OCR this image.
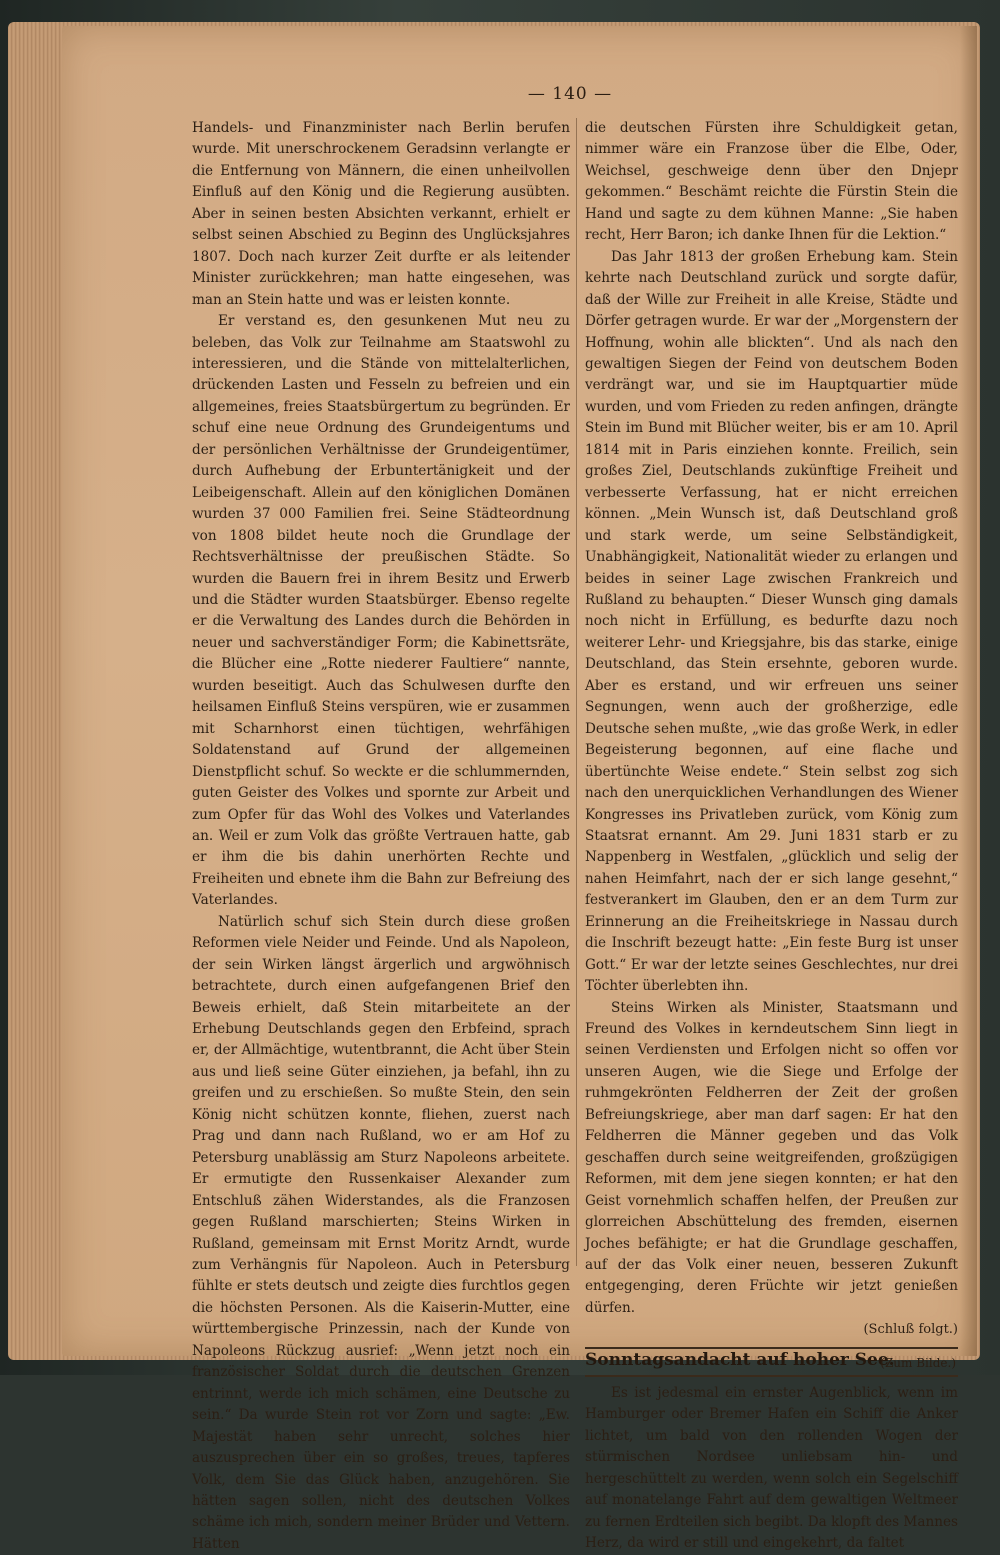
— 140 —

Handels- und Finanzminister nach Berlin berufen wurde. Mit unerschrockenem Geradsinn verlangte er die Entfernung von Männern, die einen unheilvollen Einfluß auf den König und die Regierung ausübten. Aber in seinen besten Absichten verkannt, erhielt er selbst seinen Abschied zu Beginn des Unglücksjahres 1807. Doch nach kurzer Zeit durfte er als leitender Minister zurückkehren; man hatte eingesehen, was man an Stein hatte und was er leisten konnte.

Er verstand es, den gesunkenen Mut neu zu beleben, das Volk zur Teilnahme am Staatswohl zu interessieren, und die Stände von mittelalterlichen, drückenden Lasten und Fesseln zu befreien und ein allgemeines, freies Staatsbürgertum zu begründen. Er schuf eine neue Ordnung des Grundeigentums und der persönlichen Verhältnisse der Grundeigentümer, durch Aufhebung der Erbuntertänigkeit und der Leibeigenschaft. Allein auf den königlichen Domänen wurden 37 000 Familien frei. Seine Städteordnung von 1808 bildet heute noch die Grundlage der Rechtsverhältnisse der preußischen Städte. So wurden die Bauern frei in ihrem Besitz und Erwerb und die Städter wurden Staatsbürger. Ebenso regelte er die Verwaltung des Landes durch die Behörden in neuer und sachverständiger Form; die Kabinettsräte, die Blücher eine „Rotte niederer Faultiere“ nannte, wurden beseitigt. Auch das Schulwesen durfte den heilsamen Einfluß Steins verspüren, wie er zusammen mit Scharnhorst einen tüchtigen, wehrfähigen Soldatenstand auf Grund der allgemeinen Dienstpflicht schuf. So weckte er die schlummernden, guten Geister des Volkes und spornte zur Arbeit und zum Opfer für das Wohl des Volkes und Vaterlandes an. Weil er zum Volk das größte Vertrauen hatte, gab er ihm die bis dahin unerhörten Rechte und Freiheiten und ebnete ihm die Bahn zur Befreiung des Vaterlandes.

Natürlich schuf sich Stein durch diese großen Reformen viele Neider und Feinde. Und als Napoleon, der sein Wirken längst ärgerlich und argwöhnisch betrachtete, durch einen aufgefangenen Brief den Beweis erhielt, daß Stein mitarbeitete an der Erhebung Deutschlands gegen den Erbfeind, sprach er, der Allmächtige, wutentbrannt, die Acht über Stein aus und ließ seine Güter einziehen, ja befahl, ihn zu greifen und zu erschießen. So mußte Stein, den sein König nicht schützen konnte, fliehen, zuerst nach Prag und dann nach Rußland, wo er am Hof zu Petersburg unablässig am Sturz Napoleons arbeitete. Er ermutigte den Russenkaiser Alexander zum Entschluß zähen Widerstandes, als die Franzosen gegen Rußland marschierten; Steins Wirken in Rußland, gemeinsam mit Ernst Moritz Arndt, wurde zum Verhängnis für Napoleon. Auch in Petersburg fühlte er stets deutsch und zeigte dies furchtlos gegen die höchsten Personen. Als die Kaiserin-Mutter, eine württembergische Prinzessin, nach der Kunde von Napoleons Rückzug ausrief: „Wenn jetzt noch ein französischer Soldat durch die deutschen Grenzen entrinnt, werde ich mich schämen, eine Deutsche zu sein.“ Da wurde Stein rot vor Zorn und sagte: „Ew. Majestät haben sehr unrecht, solches hier auszusprechen über ein so großes, treues, tapferes Volk, dem Sie das Glück haben, anzugehören. Sie hätten sagen sollen, nicht des deutschen Volkes schäme ich mich, sondern meiner Brüder und Vettern. Hätten

die deutschen Fürsten ihre Schuldigkeit getan, nimmer wäre ein Franzose über die Elbe, Oder, Weichsel, geschweige denn über den Dnjepr gekommen.“ Beschämt reichte die Fürstin Stein die Hand und sagte zu dem kühnen Manne: „Sie haben recht, Herr Baron; ich danke Ihnen für die Lektion.“

Das Jahr 1813 der großen Erhebung kam. Stein kehrte nach Deutschland zurück und sorgte dafür, daß der Wille zur Freiheit in alle Kreise, Städte und Dörfer getragen wurde. Er war der „Morgenstern der Hoffnung, wohin alle blickten“. Und als nach den gewaltigen Siegen der Feind von deutschem Boden verdrängt war, und sie im Hauptquartier müde wurden, und vom Frieden zu reden anfingen, drängte Stein im Bund mit Blücher weiter, bis er am 10. April 1814 mit in Paris einziehen konnte. Freilich, sein großes Ziel, Deutschlands zukünftige Freiheit und verbesserte Verfassung, hat er nicht erreichen können. „Mein Wunsch ist, daß Deutschland groß und stark werde, um seine Selbständigkeit, Unabhängigkeit, Nationalität wieder zu erlangen und beides in seiner Lage zwischen Frankreich und Rußland zu behaupten.“ Dieser Wunsch ging damals noch nicht in Erfüllung, es bedurfte dazu noch weiterer Lehr- und Kriegsjahre, bis das starke, einige Deutschland, das Stein ersehnte, geboren wurde. Aber es erstand, und wir erfreuen uns seiner Segnungen, wenn auch der großherzige, edle Deutsche sehen mußte, „wie das große Werk, in edler Begeisterung begonnen, auf eine flache und übertünchte Weise endete.“ Stein selbst zog sich nach den unerquicklichen Verhandlungen des Wiener Kongresses ins Privatleben zurück, vom König zum Staatsrat ernannt. Am 29. Juni 1831 starb er zu Nappenberg in Westfalen, „glücklich und selig der nahen Heimfahrt, nach der er sich lange gesehnt,“ festverankert im Glauben, den er an dem Turm zur Erinnerung an die Freiheitskriege in Nassau durch die Inschrift bezeugt hatte: „Ein feste Burg ist unser Gott.“ Er war der letzte seines Geschlechtes, nur drei Töchter überlebten ihn.

Steins Wirken als Minister, Staatsmann und Freund des Volkes in kerndeutschem Sinn liegt in seinen Verdiensten und Erfolgen nicht so offen vor unseren Augen, wie die Siege und Erfolge der ruhmgekrönten Feldherren der Zeit der großen Befreiungskriege, aber man darf sagen: Er hat den Feldherren die Männer gegeben und das Volk geschaffen durch seine weitgreifenden, großzügigen Reformen, mit dem jene siegen konnten; er hat den Geist vornehmlich schaffen helfen, der Preußen zur glorreichen Abschüttelung des fremden, eisernen Joches befähigte; er hat die Grundlage geschaffen, auf der das Volk einer neuen, besseren Zukunft entgegenging, deren Früchte wir jetzt genießen dürfen.

(Schluß folgt.)

Sonntagsandacht auf hoher See.
(Zum Bilde.)

Es ist jedesmal ein ernster Augenblick, wenn im Hamburger oder Bremer Hafen ein Schiff die Anker lichtet, um bald von den rollenden Wogen der stürmischen Nordsee unliebsam hin- und hergeschüttelt zu werden, wenn solch ein Segelschiff auf monatelange Fahrt auf dem gewaltigen Weltmeer zu fernen Erdteilen sich begibt. Da klopft des Mannes Herz, da wird er still und eingekehrt, da faltet
